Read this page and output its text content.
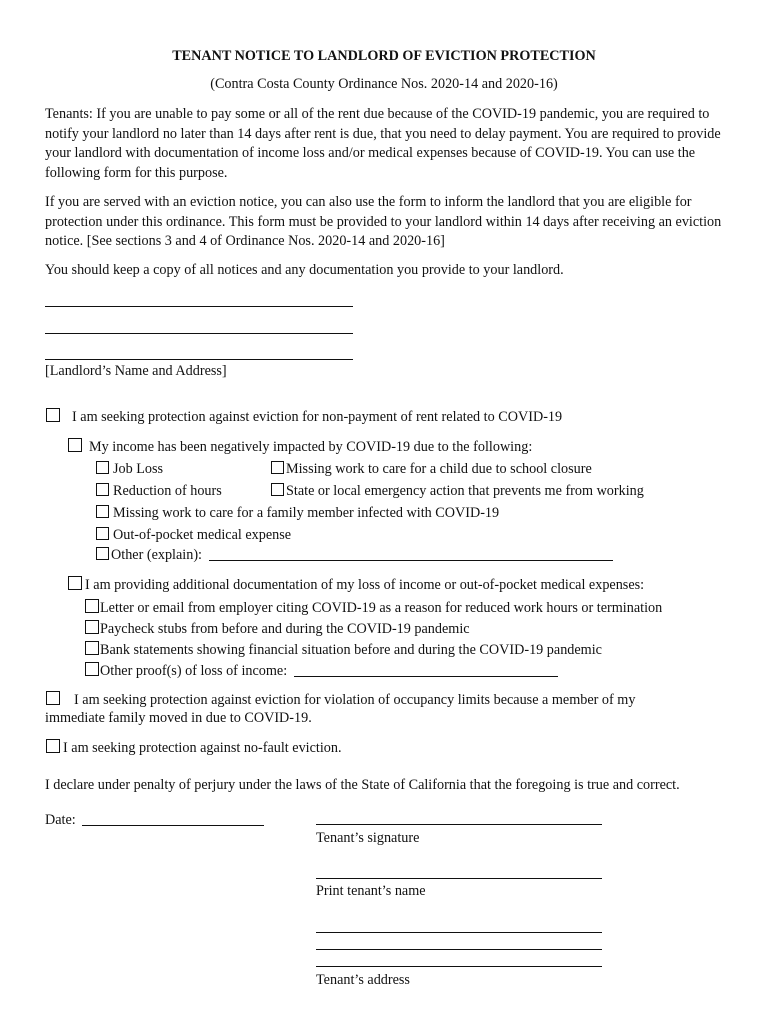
TENANT NOTICE TO LANDLORD OF EVICTION PROTECTION
(Contra Costa County Ordinance Nos. 2020-14 and 2020-16)
Tenants: If you are unable to pay some or all of the rent due because of the COVID-19 pandemic, you are required to notify your landlord no later than 14 days after rent is due, that you need to delay payment. You are required to provide your landlord with documentation of income loss and/or medical expenses because of COVID-19. You can use the following form for this purpose.
If you are served with an eviction notice, you can also use the form to inform the landlord that you are eligible for protection under this ordinance. This form must be provided to your landlord within 14 days after receiving an eviction notice. [See sections 3 and 4 of Ordinance Nos. 2020-14 and 2020-16]
You should keep a copy of all notices and any documentation you provide to your landlord.
[Landlord’s Name and Address]
I am seeking protection against eviction for non-payment of rent related to COVID-19
My income has been negatively impacted by COVID-19 due to the following:
Job Loss	Missing work to care for a child due to school closure
Reduction of hours	State or local emergency action that prevents me from working
Missing work to care for a family member infected with COVID-19
Out-of-pocket medical expense
Other (explain):
I am providing additional documentation of my loss of income or out-of-pocket medical expenses:
Letter or email from employer citing COVID-19 as a reason for reduced work hours or termination
Paycheck stubs from before and during the COVID-19 pandemic
Bank statements showing financial situation before and during the COVID-19 pandemic
Other proof(s) of loss of income:
I am seeking protection against eviction for violation of occupancy limits because a member of my
immediate family moved in due to COVID-19.
I am seeking protection against no-fault eviction.
I declare under penalty of perjury under the laws of the State of California that the foregoing is true and correct.
Date:
Tenant’s signature
Print tenant’s name
Tenant’s address
